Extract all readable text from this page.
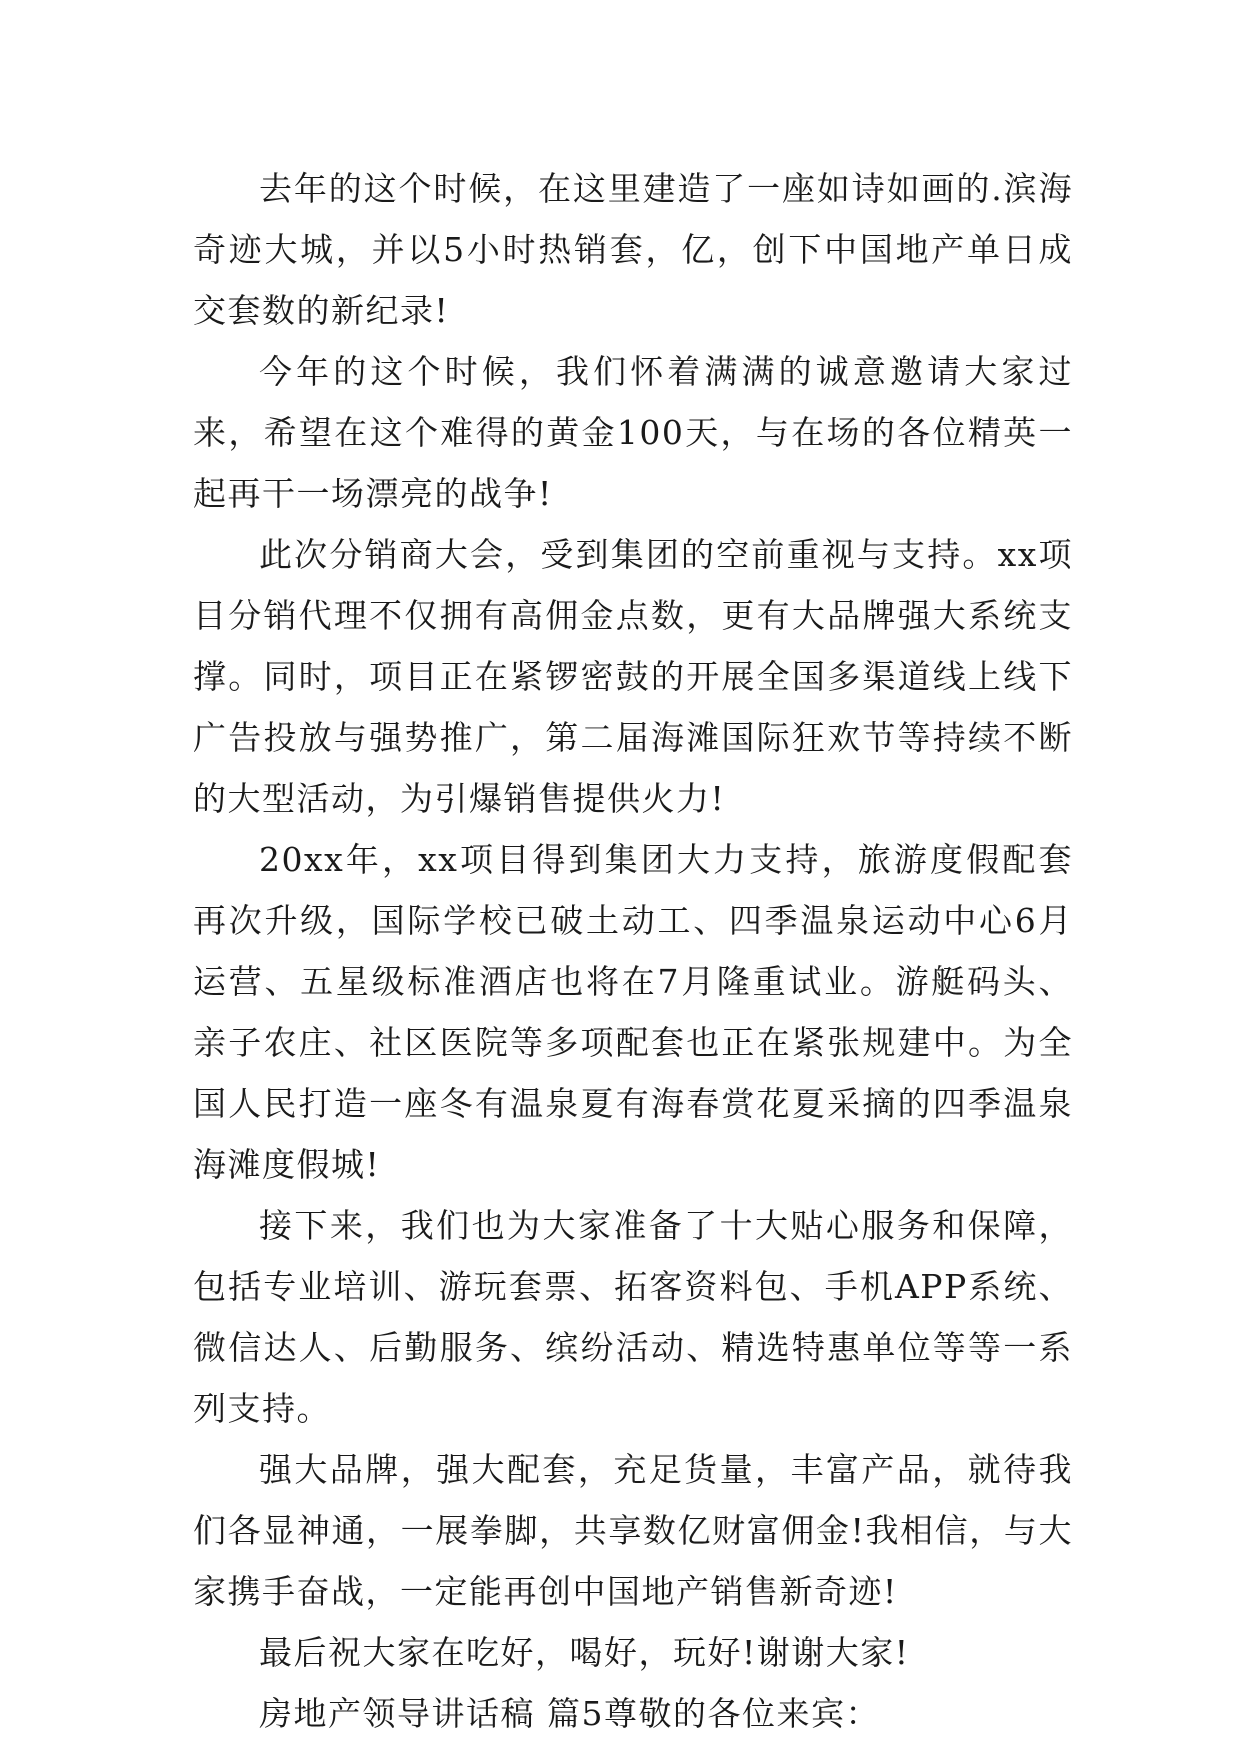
去年的这个时候，在这里建造了一座如诗如画的.滨海奇迹大城，并以5小时热销套，亿，创下中国地产单日成交套数的新纪录!

今年的这个时候，我们怀着满满的诚意邀请大家过来，希望在这个难得的黄金100天，与在场的各位精英一起再干一场漂亮的战争!

此次分销商大会，受到集团的空前重视与支持。xx项目分销代理不仅拥有高佣金点数，更有大品牌强大系统支撑。同时，项目正在紧锣密鼓的开展全国多渠道线上线下广告投放与强势推广，第二届海滩国际狂欢节等持续不断的大型活动，为引爆销售提供火力!

20xx年，xx项目得到集团大力支持，旅游度假配套再次升级，国际学校已破土动工、四季温泉运动中心6月运营、五星级标准酒店也将在7月隆重试业。游艇码头、亲子农庄、社区医院等多项配套也正在紧张规建中。为全国人民打造一座冬有温泉夏有海春赏花夏采摘的四季温泉海滩度假城!

接下来，我们也为大家准备了十大贴心服务和保障，包括专业培训、游玩套票、拓客资料包、手机APP系统、微信达人、后勤服务、缤纷活动、精选特惠单位等等一系列支持。

强大品牌，强大配套，充足货量，丰富产品，就待我们各显神通，一展拳脚，共享数亿财富佣金!我相信，与大家携手奋战，一定能再创中国地产销售新奇迹!

最后祝大家在吃好，喝好，玩好!谢谢大家!

房地产领导讲话稿 篇5尊敬的各位来宾：
